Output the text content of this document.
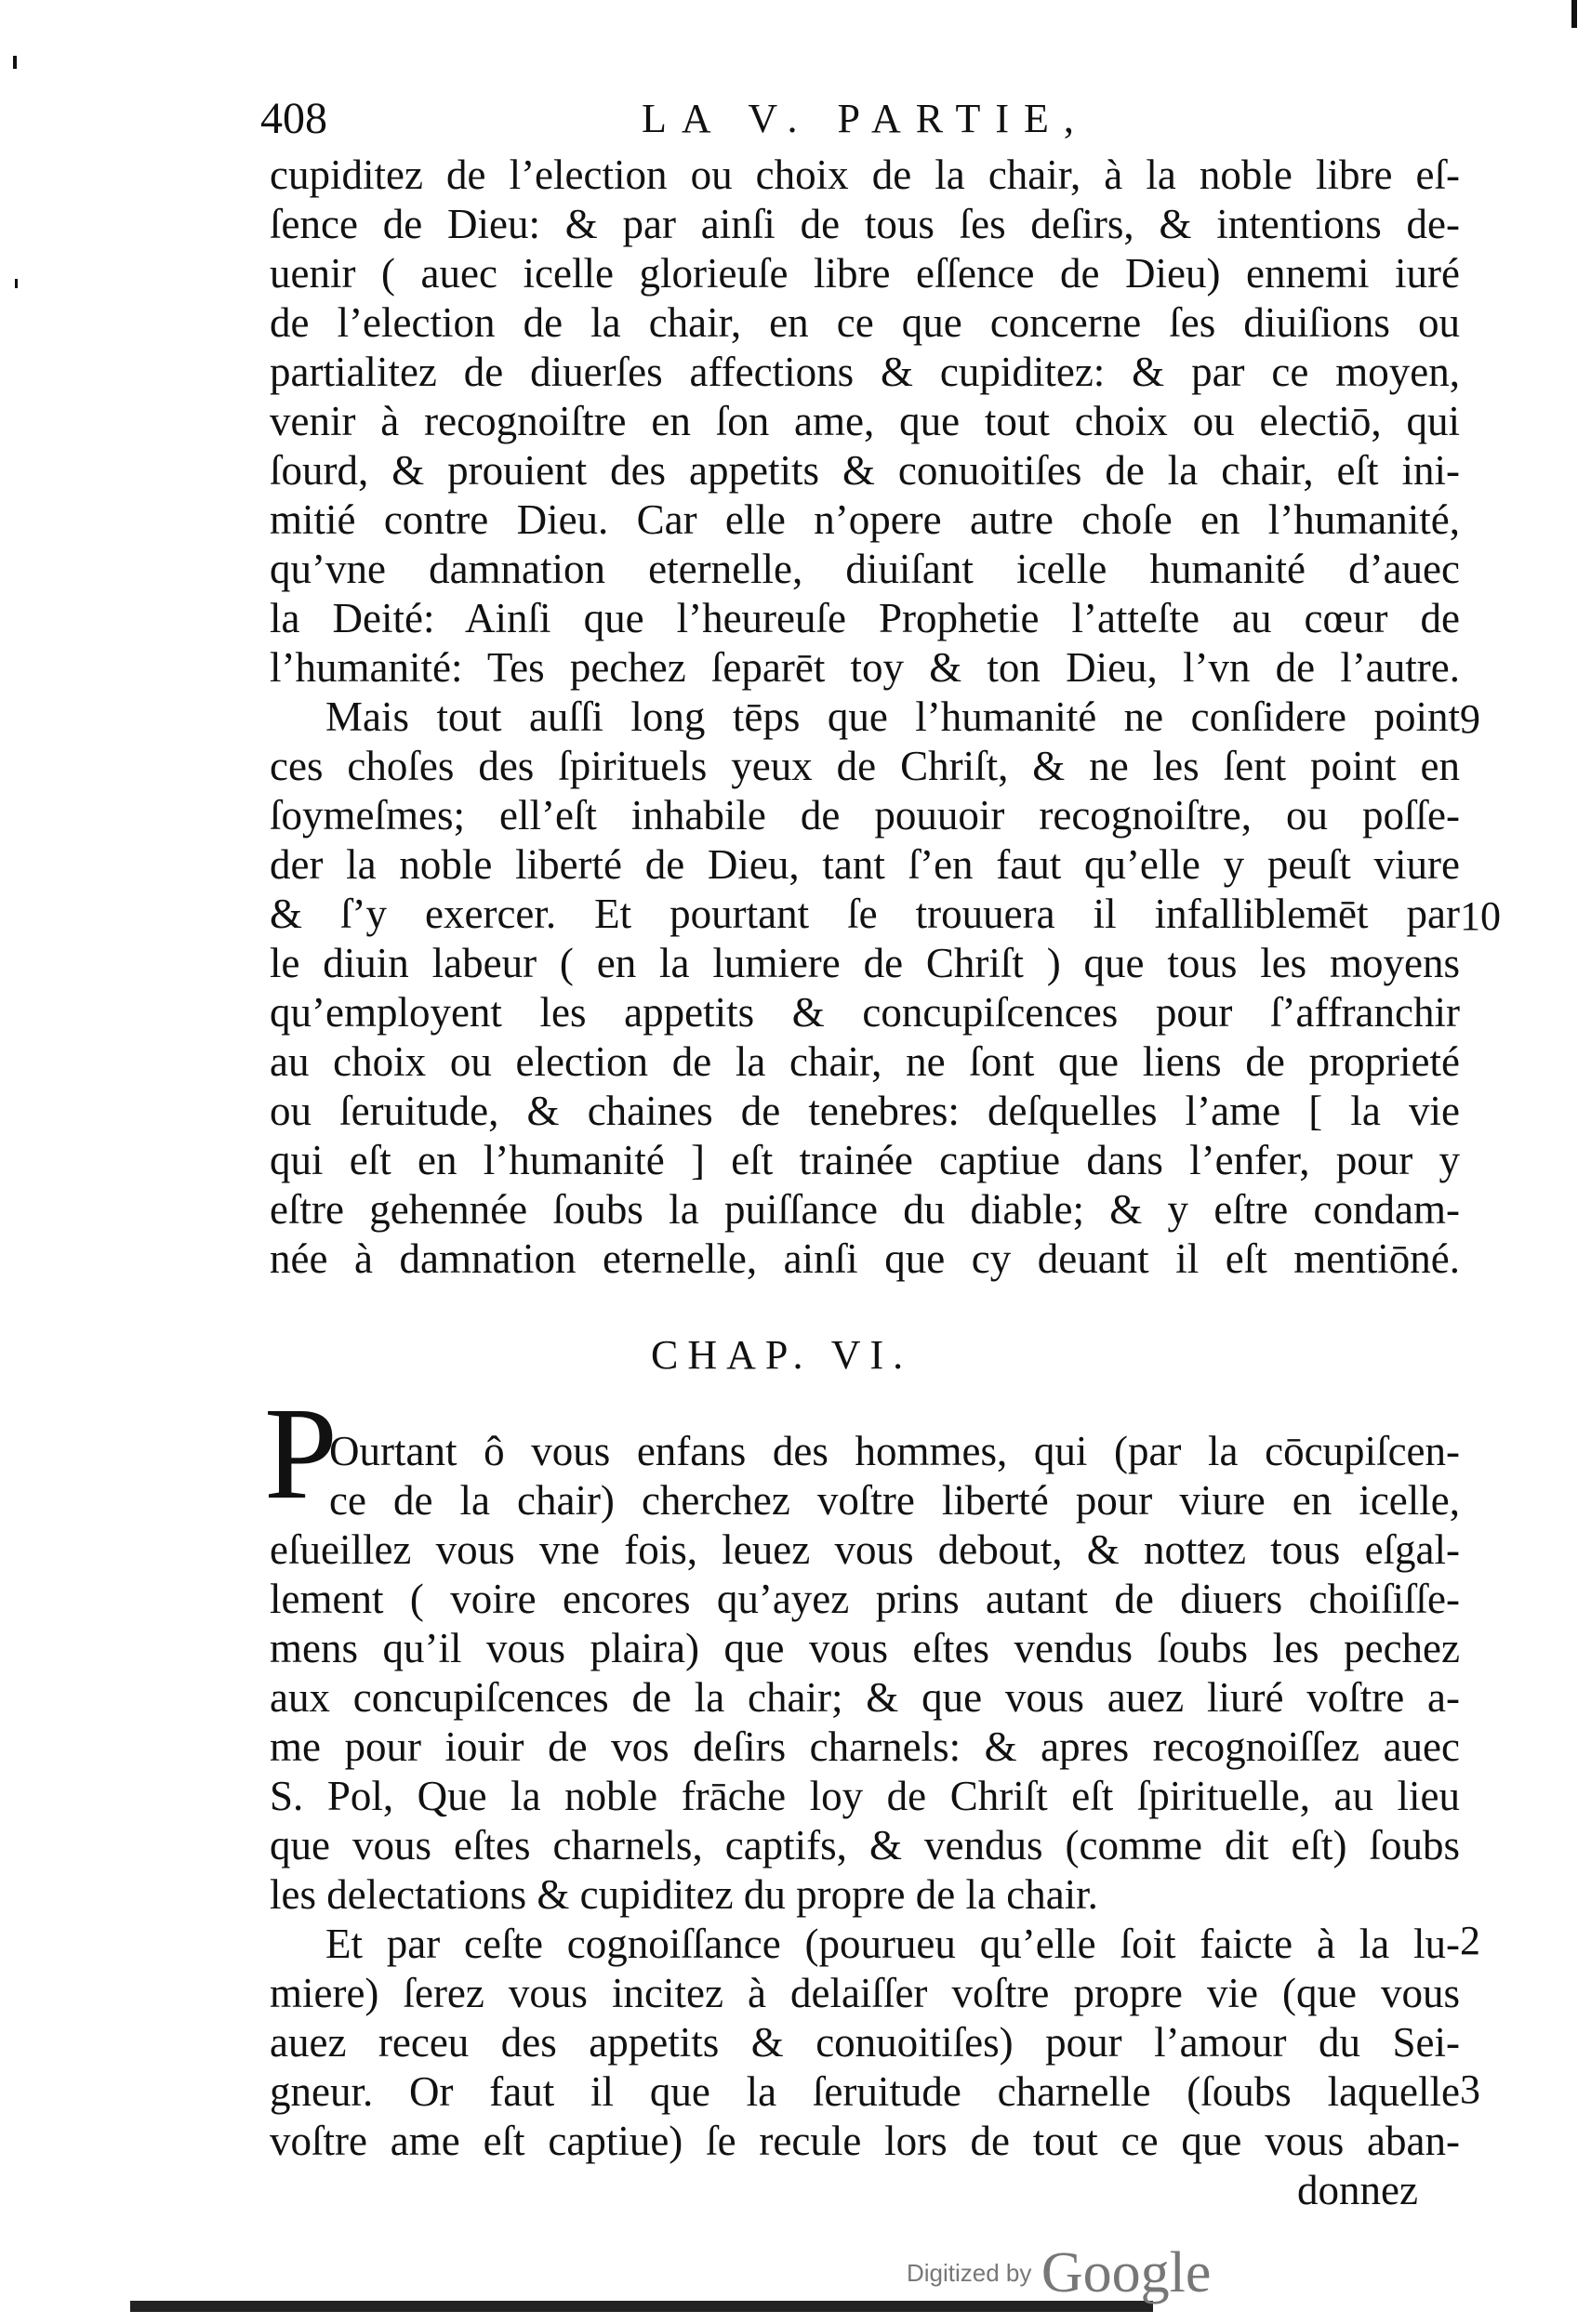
408	LA V. PARTIE,
cupiditez de l’election ou choix de la chair, à la noble libre eſ-
ſence de Dieu: & par ainſi de tous ſes deſirs, & intentions de-
uenir ( auec icelle glorieuſe libre eſſence de Dieu) ennemi iuré
de l’election de la chair, en ce que concerne ſes diuiſions ou
partialitez de diuerſes affections & cupiditez: & par ce moyen,
venir à recognoiſtre en ſon ame, que tout choix ou electiō, qui
ſourd, & prouient des appetits & conuoitiſes de la chair, eſt ini-
mitié contre Dieu. Car elle n’opere autre choſe en l’humanité,
qu’vne damnation eternelle, diuiſant icelle humanité d’auec
la Deité: Ainſi que l’heureuſe Prophetie l’atteſte au cœur de
l’humanité: Tes pechez ſeparēt toy & ton Dieu, l’vn de l’autre.
Mais tout auſſi long tēps que l’humanité ne conſidere point
ces choſes des ſpirituels yeux de Chriſt, & ne les ſent point en
ſoymeſmes; ell’eſt inhabile de pouuoir recognoiſtre, ou poſſe-
der la noble liberté de Dieu, tant ſ’en faut qu’elle y peuſt viure
& ſ’y exercer. Et pourtant ſe trouuera il infalliblemēt par
le diuin labeur ( en la lumiere de Chriſt ) que tous les moyens
qu’employent les appetits & concupiſcences pour ſ’affranchir
au choix ou election de la chair, ne ſont que liens de proprieté
ou ſeruitude, & chaines de tenebres: deſquelles l’ame [ la vie
qui eſt en l’humanité ] eſt trainée captiue dans l’enfer, pour y
eſtre gehennée ſoubs la puiſſance du diable; & y eſtre condam-
née à damnation eternelle, ainſi que cy deuant il eſt mentiōné.
9
10
CHAP. VI.
P
Ourtant ô vous enfans des hommes, qui (par la cōcupiſcen-
ce de la chair) cherchez voſtre liberté pour viure en icelle,
eſueillez vous vne fois, leuez vous debout, & nottez tous eſgal-
lement ( voire encores qu’ayez prins autant de diuers choiſiſſe-
mens qu’il vous plaira) que vous eſtes vendus ſoubs les pechez
aux concupiſcences de la chair; & que vous auez liuré voſtre a-
me pour iouir de vos deſirs charnels: & apres recognoiſſez auec
S. Pol, Que la noble frāche loy de Chriſt eſt ſpirituelle, au lieu
que vous eſtes charnels, captifs, & vendus (comme dit eſt) ſoubs
les delectations & cupiditez du propre de la chair.
Et par ceſte cognoiſſance (pourueu qu’elle ſoit faicte à la lu-
miere) ſerez vous incitez à delaiſſer voſtre propre vie (que vous
auez receu des appetits & conuoitiſes) pour l’amour du Sei-
gneur. Or faut il que la ſeruitude charnelle (ſoubs laquelle
voſtre ame eſt captiue) ſe recule lors de tout ce que vous aban-
2
3
donnez
Digitized by Google
